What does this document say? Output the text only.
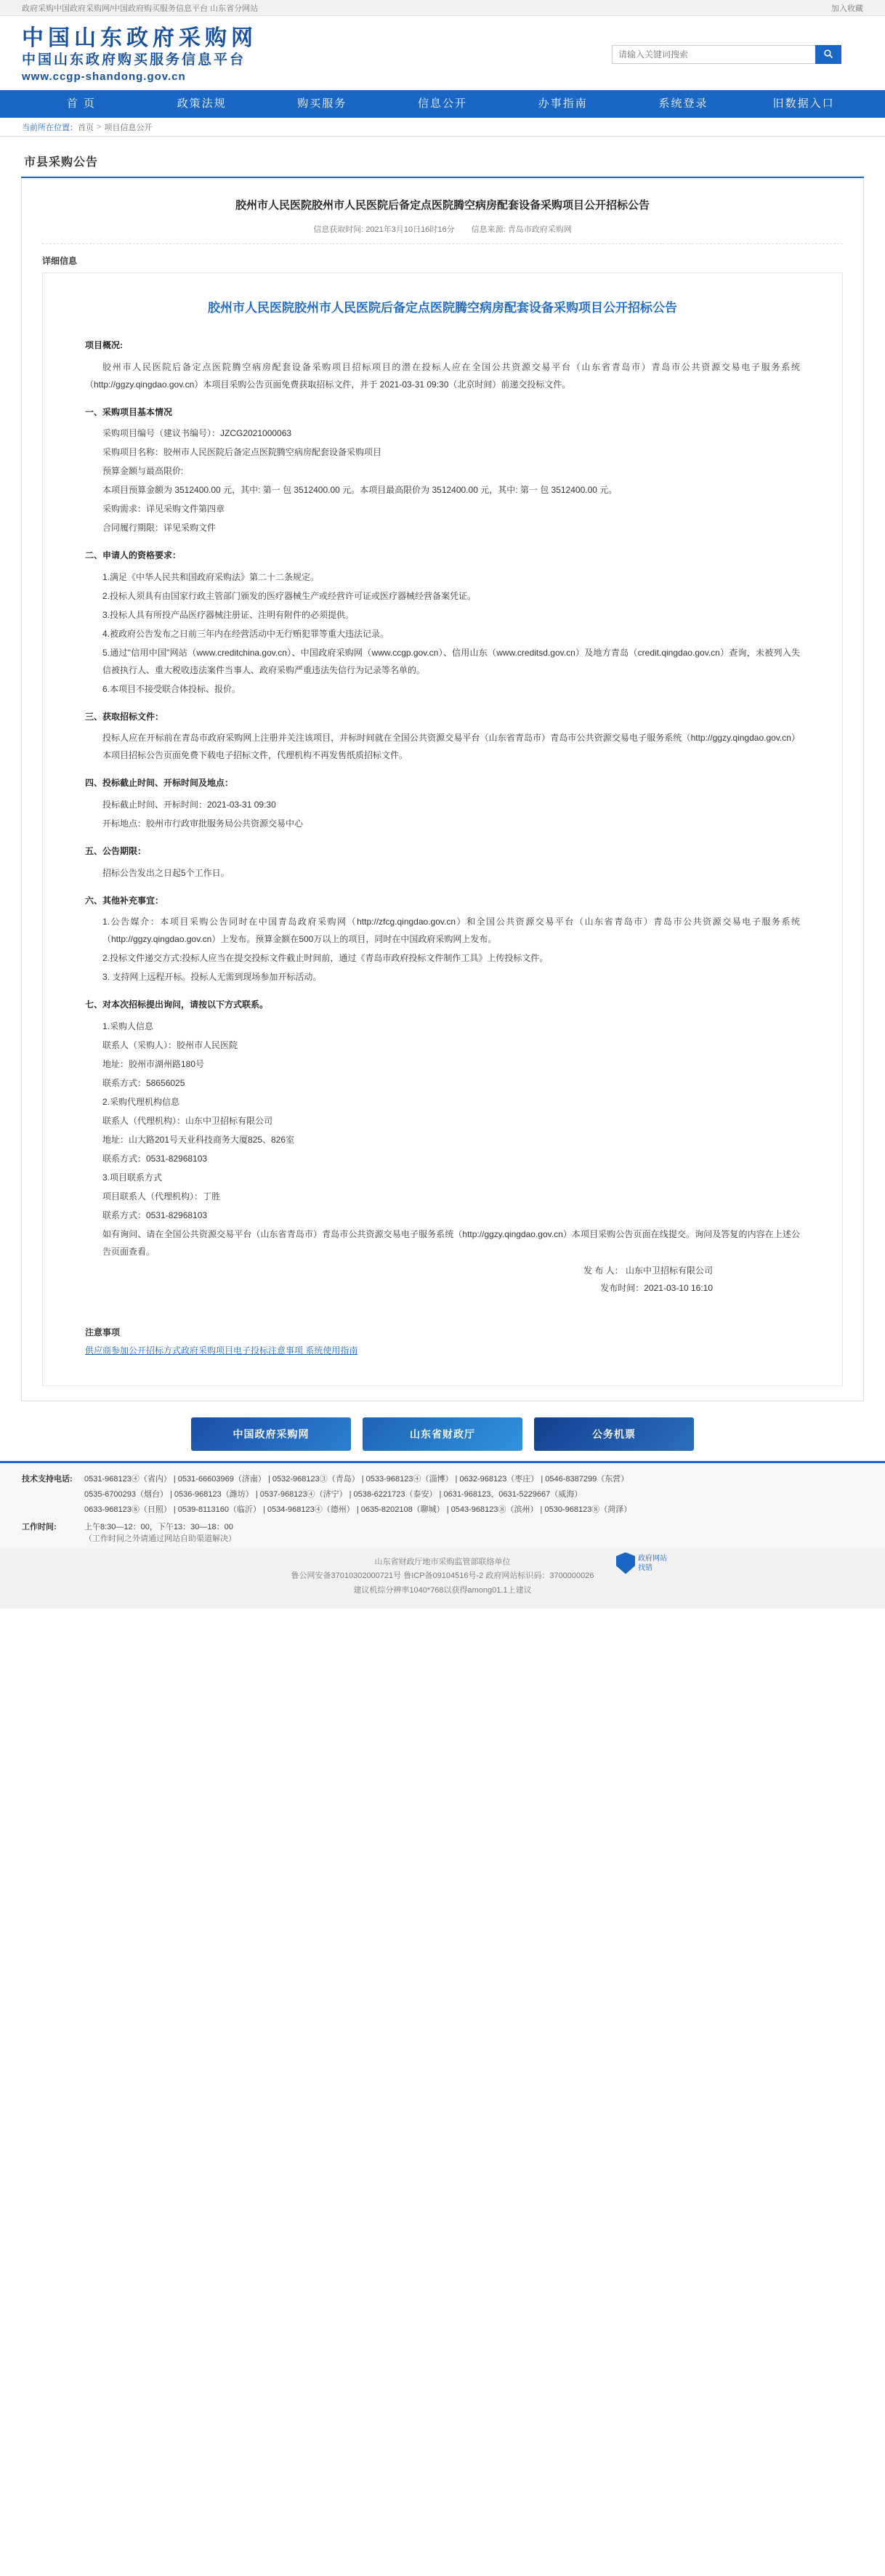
政府采购中国政府采购网/中国政府购买服务信息平台 山东省分网站	加入收藏
中国山东政府采购网
中国山东政府购买服务信息平台
www.ccgp-shandong.gov.cn
请输入关键词搜索
首 页	政策法规	购买服务	信息公开	办事指南	系统登录	旧数据入口
当前所在位置： 首页 > 项目信息公开
市县采购公告
胶州市人民医院胶州市人民医院后备定点医院腾空病房配套设备采购项目公开招标公告
信息获取时间: 2021年3月10日16时16分 信息来源: 青岛市政府采购网
详细信息
胶州市人民医院胶州市人民医院后备定点医院腾空病房配套设备采购项目公开招标公告
项目概况:
胶州市人民医院后备定点医院腾空病房配套设备采购项目招标项目的潜在投标人应在全国公共资源交易平台（山东省青岛市）青岛市公共资源交易电子服务系统（http://ggzy.qingdao.gov.cn）本项目采购公告页面免费获取招标文件，并于 2021-03-31 09:30（北京时间）前递交投标文件。
一、采购项目基本情况
采购项目编号（建议书编号）：JZCG2021000063
采购项目名称：胶州市人民医院后备定点医院腾空病房配套设备采购项目
预算金额与最高限价:
本项目预算金额为 3512400.00 元，其中: 第一 包 3512400.00 元。本项目最高限价为 3512400.00 元，其中: 第一 包 3512400.00 元。
采购需求：详见采购文件第四章
合同履行期限：详见采购文件
二、申请人的资格要求：
1.满足《中华人民共和国政府采购法》第二十二条规定。
2.投标人须具有由国家行政主管部门颁发的医疗器械生产或经营许可证或医疗器械经营备案凭证。
3.投标人具有所投产品医疗器械注册证、注明有附件的必须提供。
4.被政府公告发布之日前三年内在经营活动中无行贿犯罪等重大违法记录。
5.通过"信用中国"网站（www.creditchina.gov.cn）、中国政府采购网（www.ccgp.gov.cn）、信用山东（www.creditsd.gov.cn）及地方青岛（credit.qingdao.gov.cn）查询，未被列入失信被执行人、重大税收违法案件当事人、政府采购严重违法失信行为记录等名单的。
6.本项目不接受联合体投标、报价。
三、获取招标文件：
投标人应在开标前在青岛市政府采购网上注册并关注该项目，并标时间就在全国公共资源交易平台（山东省青岛市）青岛市公共资源交易电子服务系统（http://ggzy.qingdao.gov.cn）本项目招标公告页面免费下载电子招标文件，代理机构不再发售纸质招标文件。
四、投标截止时间、开标时间及地点：
投标截止时间、开标时间：2021-03-31 09:30
开标地点：胶州市行政审批服务局公共资源交易中心
五、公告期限：
招标公告发出之日起5个工作日。
六、其他补充事宜：
1.公告媒介：本项目采购公告同时在中国青岛政府采购网（http://zfcg.qingdao.gov.cn）和全国公共资源交易平台（山东省青岛市）青岛市公共资源交易电子服务系统（http://ggzy.qingdao.gov.cn）上发布。预算金额在500万以上的项目，同时在中国政府采购网上发布。
2.投标文件递交方式:投标人应当在提交投标文件截止时间前，通过《青岛市政府投标文件制作工具》上传投标文件。
3. 支持网上远程开标。投标人无需到现场参加开标活动。
七、对本次招标提出询问，请按以下方式联系。
1.采购人信息
联系人（采购人）：胶州市人民医院
地址：胶州市湖州路180号
联系方式：58656025
2.采购代理机构信息
联系人（代理机构）：山东中卫招标有限公司
地址：山大路201号天业科技商务大厦825、826室
联系方式：0531-82968103
3.项目联系方式
项目联系人（代理机构）：丁胜
联系方式：0531-82968103
如有询问、请在全国公共资源交易平台（山东省青岛市）青岛市公共资源交易电子服务系统（http://ggzy.qingdao.gov.cn）本项目采购公告页面在线提交。询问及答复的内容在上述公告页面查看。
发 布 人： 山东中卫招标有限公司
发布时间：2021-03-10 16:10
注意事项
供应商参加公开招标方式政府采购项目电子投标注意事项 系统使用指南
中国政府采购网	山东省财政厅	公务机票
技术支持电话:	0531-968123④（省内） | 0531-66603969（济南） | 0532-968123③（青岛） | 0533-968123④（淄博） | 0632-968123（枣庄） | 0546-8387299（东营）
0535-6700293（烟台） | 0536-968123（潍坊） | 0537-968123④（济宁） | 0538-6221723（泰安） | 0631-968123、0631-5229667（威海）
0633-968123⑧（日照） | 0539-8113160（临沂） | 0534-968123④（德州） | 0635-8202108（聊城） | 0543-968123⑧（滨州） | 0530-968123⑧（菏泽）
工作时间:	上午8:30—12：00，下午13：30—18：00
（工作时间之外请通过网站自助渠道解决）
政府网站
找错
山东省财政厅地市采购监管部联络单位
鲁公网安备37010302000721号 鲁ICP备09104516号-2 政府网站标识码：3700000026
建议机综分辨率1040*768以获得among01.1上建议
